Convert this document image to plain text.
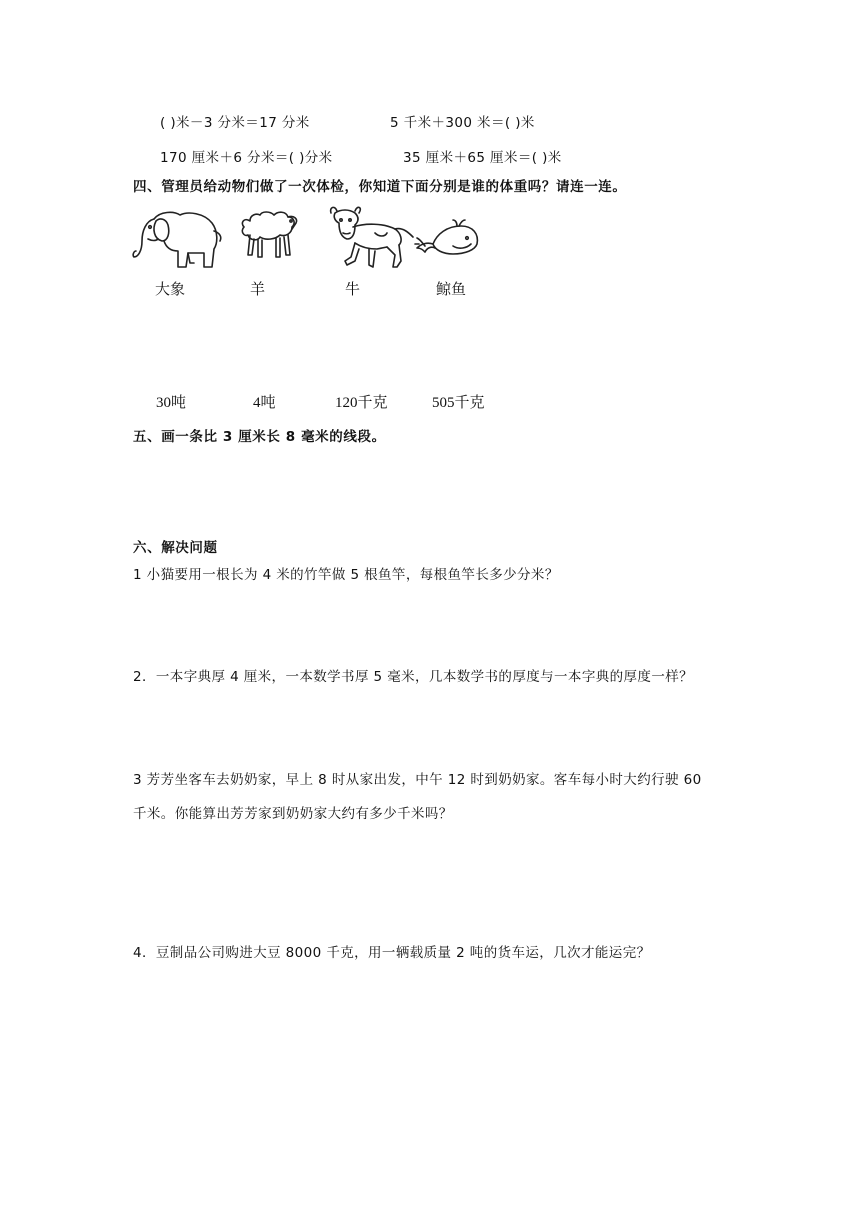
( )米－3 分米＝17 分米	5 千米＋300 米＝( )米
170 厘米＋6 分米＝( )分米	35 厘米＋65 厘米＝( )米
四、管理员给动物们做了一次体检，你知道下面分别是谁的体重吗？请连一连。
大象	羊	牛	鲸鱼
30吨	4吨	120千克	505千克
五、画一条比 3 厘米长 8 毫米的线段。
六、解决问题
1 小猫要用一根长为 4 米的竹竿做 5 根鱼竿，每根鱼竿长多少分米？
2．一本字典厚 4 厘米，一本数学书厚 5 毫米，几本数学书的厚度与一本字典的厚度一样？
3 芳芳坐客车去奶奶家，早上 8 时从家出发，中午 12 时到奶奶家。客车每小时大约行驶 60
千米。你能算出芳芳家到奶奶家大约有多少千米吗？
4．豆制品公司购进大豆 8000 千克，用一辆载质量 2 吨的货车运，几次才能运完？
